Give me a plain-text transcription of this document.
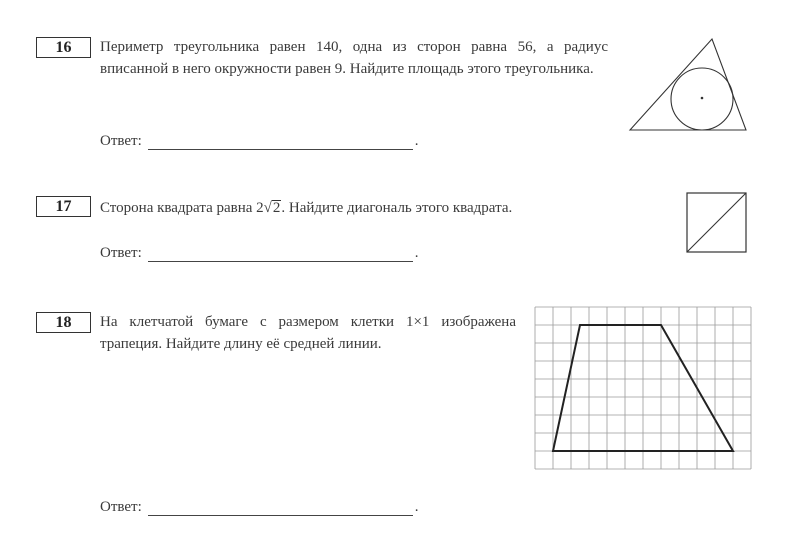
16 Периметр треугольника равен 140, одна из сторон равна 56, а радиус вписанной в него окружности равен 9. Найдите площадь этого треугольника.
Ответ:	.
17 Сторона квадрата равна 2√2. Найдите диагональ этого квадрата.
Ответ:	.
18 На клетчатой бумаге с размером клетки 1×1 изображена трапеция. Найдите длину её средней линии.
Ответ:	.
